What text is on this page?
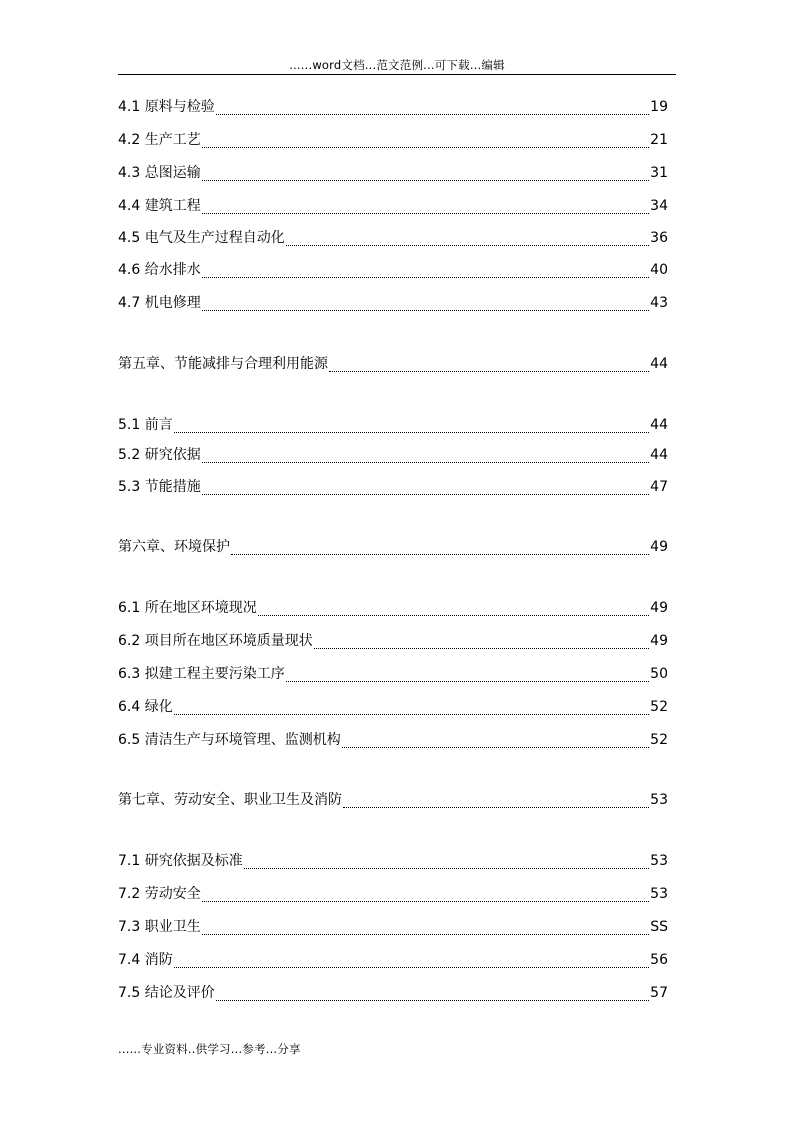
......word文档...范文范例...可下载...编辑
4.1 原料与检验	19
4.2 生产工艺	21
4.3 总图运输	31
4.4 建筑工程	34
4.5 电气及生产过程自动化	36
4.6 给水排水	40
4.7 机电修理	43
第五章、节能减排与合理利用能源	44
5.1 前言	44
5.2 研究依据	44
5.3 节能措施	47
第六章、环境保护	49
6.1 所在地区环境现况	49
6.2 项目所在地区环境质量现状	49
6.3 拟建工程主要污染工序	50
6.4 绿化	52
6.5 清洁生产与环境管理、监测机构	52
第七章、劳动安全、职业卫生及消防	53
7.1 研究依据及标准	53
7.2 劳动安全	53
7.3 职业卫生	SS
7.4 消防	56
7.5 结论及评价	57
......专业资料..供学习...参考...分享
